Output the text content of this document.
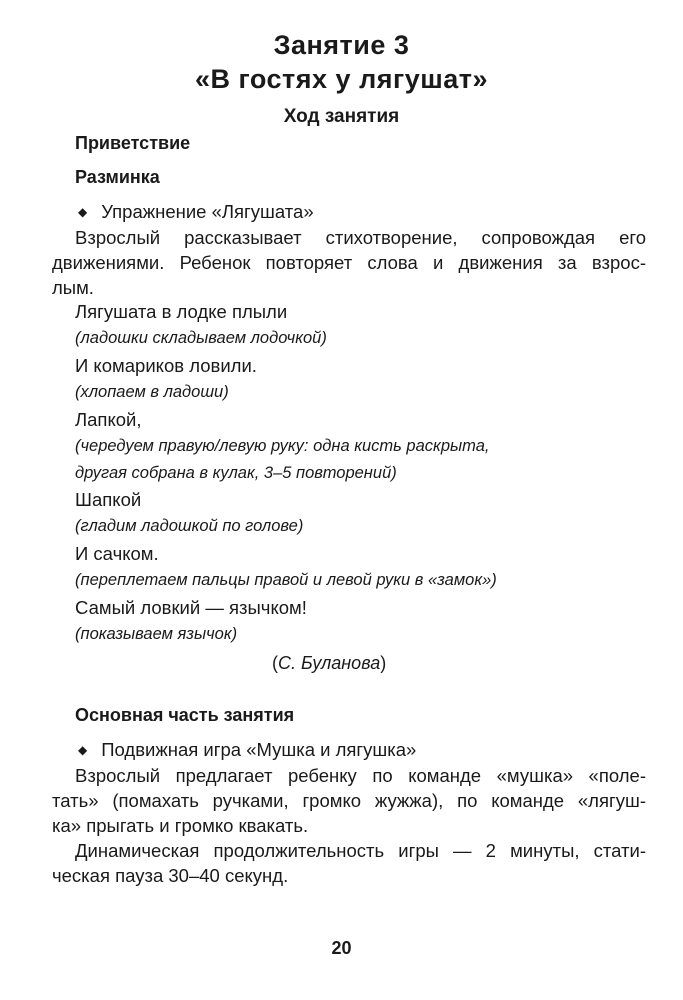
Занятие 3
«В гостях у лягушат»
Ход занятия
Приветствие
Разминка
◆ Упражнение «Лягушата»
Взрослый рассказывает стихотворение, сопровождая его
движениями. Ребенок повторяет слова и движения за взрос-
лым.
Лягушата в лодке плыли
(ладошки складываем лодочкой)
И комариков ловили.
(хлопаем в ладоши)
Лапкой,
(чередуем правую/левую руку: одна кисть раскрыта,
другая собрана в кулак, 3–5 повторений)
Шапкой
(гладим ладошкой по голове)
И сачком.
(переплетаем пальцы правой и левой руки в «замок»)
Самый ловкий — язычком!
(показываем язычок)
(С. Буланова)
Основная часть занятия
◆ Подвижная игра «Мушка и лягушка»
Взрослый предлагает ребенку по команде «мушка» «поле-
тать» (помахать ручками, громко жужжа), по команде «лягуш-
ка» прыгать и громко квакать.
Динамическая продолжительность игры — 2 минуты, стати-
ческая пауза 30–40 секунд.
20
